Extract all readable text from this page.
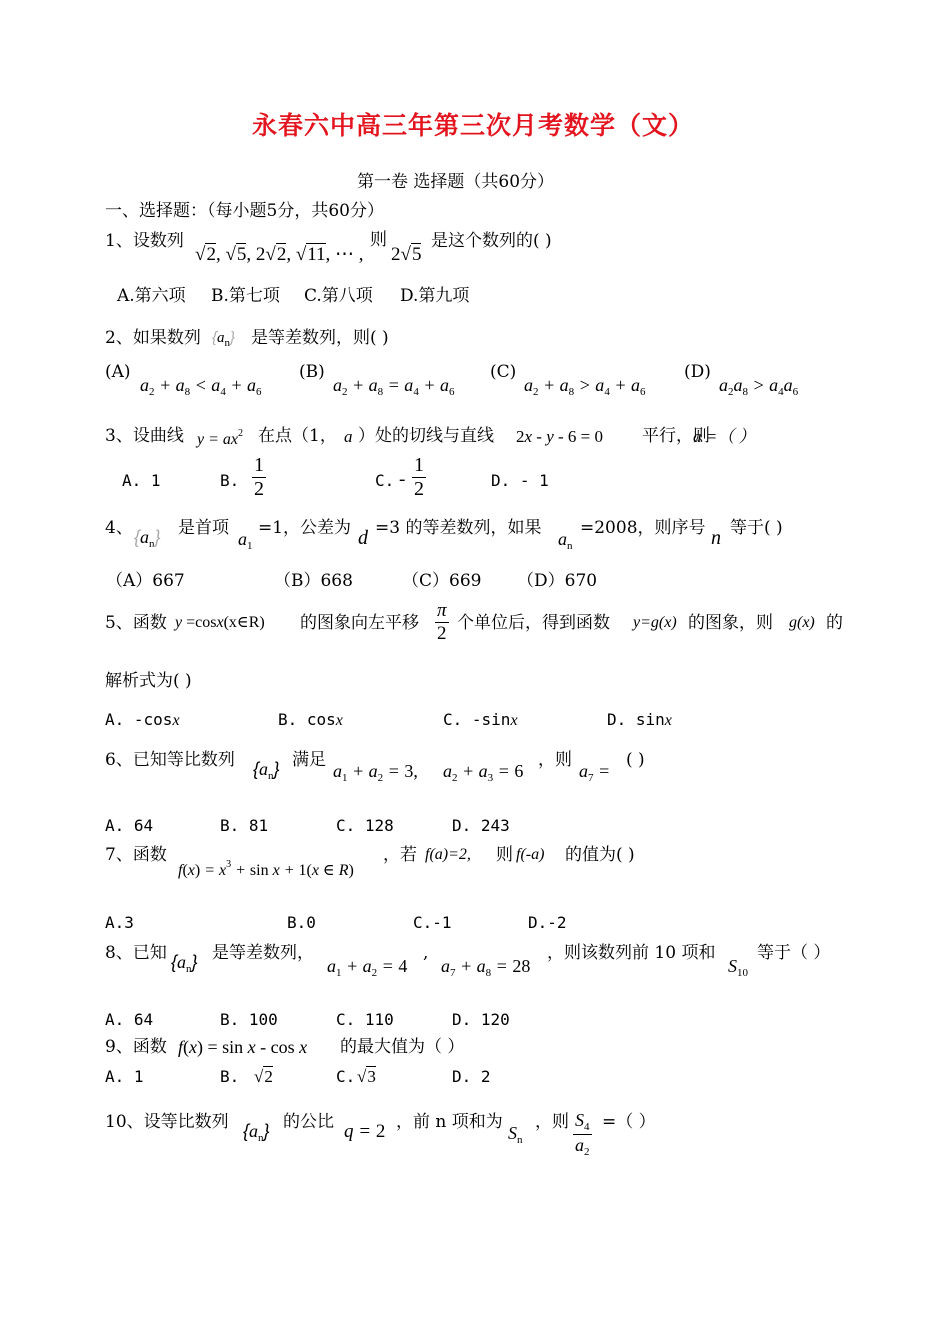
永春六中高三年第三次月考数学（文）
第一卷 选择题（共60分）
一、选择题：（每小题5分，共60分）
1、设数列
√2, √5, 2√2, √11, ⋯ ,
则
2√5
是这个数列的( )
A.第六项 B.第七项 C.第八项 D.第九项
2、如果数列 $\{a_n\}$ 是等差数列，则( )
(A)
$a_2 + a_8 < a_4 + a_6$
(B)
$a_2 + a_8 = a_4 + a_6$
(C)
$a_2 + a_8 > a_4 + a_6$
(D)
$a_2a_8 > a_4a_6$
3、设曲线 $y = ax^2$ 在点（1， a ）处的切线与直线 2x - y - 6 = 0 平行，则
a =（ ）
A. 1	B. $\frac{1}{2}$	C. - $\frac{1}{2}$	D. - 1
4、 $\{a_n\}$ 是首项
$a_1$
=1，公差为 d =3 的等差数列，如果
$a_n$
=2008，则序号 n 等于( )
（A）667	（B）668	（C）669 （D）670
5、函数 y =cosx(x∈R) 的图象向左平移 $\frac{\pi}{2}$ 个单位后，得到函数 y=g(x) 的图象，则 g(x) 的
解析式为( )
A. -cosx	B. cosx	C. -sinx	D. sinx
6、已知等比数列 $\{a_n\}$ 满足
$a_1 + a_2 = 3$, $a_2 + a_3 = 6$
，则
$a_7$ =
( )
A. 64	B. 81	C. 128	D. 243
7、函数
$f(x) = x^3 + \sin x + 1(x$ ∈ R)
，若 f(a)=2, 则 f(-a) 的值为( )
A.3	B.0	C.-1	D.-2
8、已知 $\{a_n\}$ 是等差数列，
$a_1 + a_2 = 4$
,
$a_7 + a_8 = 28$
，则该数列前 10 项和
$S_{10}$
等于（ ）
A. 64	B. 100	C. 110	D. 120
9、函数 f(x) = sin x - cos x 的最大值为（ ）
A. 1	B. √2	C. √3	D. 2
10、设等比数列 $\{a_n\}$ 的公比 q = 2 ，前 n 项和为
$S_n$
，则 $\frac{S_4}{a_2}$ =（ ）
